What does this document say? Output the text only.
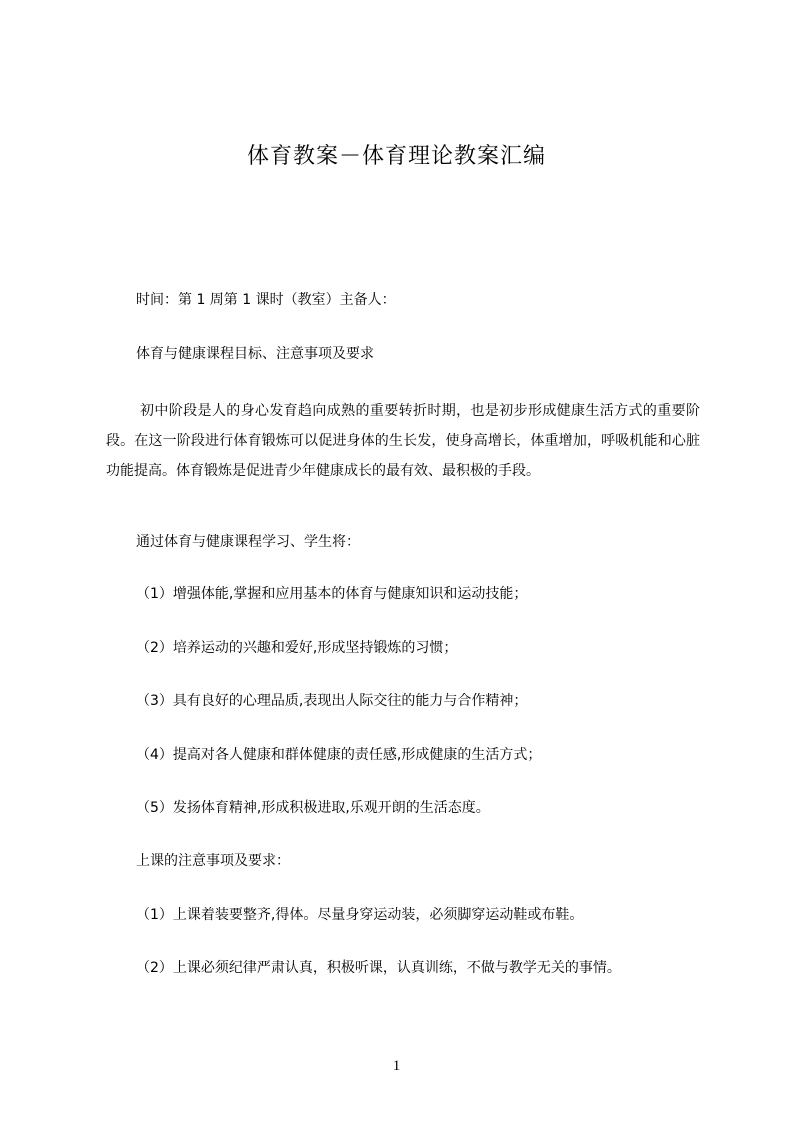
体育教案－体育理论教案汇编

时间：第 1 周第 1 课时（教室）主备人：

体育与健康课程目标、注意事项及要求

初中阶段是人的身心发育趋向成熟的重要转折时期，也是初步形成健康生活方式的重要阶段。在这一阶段进行体育锻炼可以促进身体的生长发，使身高增长，体重增加，呼吸机能和心脏功能提高。体育锻炼是促进青少年健康成长的最有效、最积极的手段。

通过体育与健康课程学习、学生将：

（1）增强体能,掌握和应用基本的体育与健康知识和运动技能；

（2）培养运动的兴趣和爱好,形成坚持锻炼的习惯；

（3）具有良好的心理品质,表现出人际交往的能力与合作精神；

（4）提高对各人健康和群体健康的责任感,形成健康的生活方式；

（5）发扬体育精神,形成积极进取,乐观开朗的生活态度。

上课的注意事项及要求：

（1）上课着装要整齐,得体。尽量身穿运动装，必须脚穿运动鞋或布鞋。

（2）上课必须纪律严肃认真，积极听课，认真训练，不做与教学无关的事情。

1
